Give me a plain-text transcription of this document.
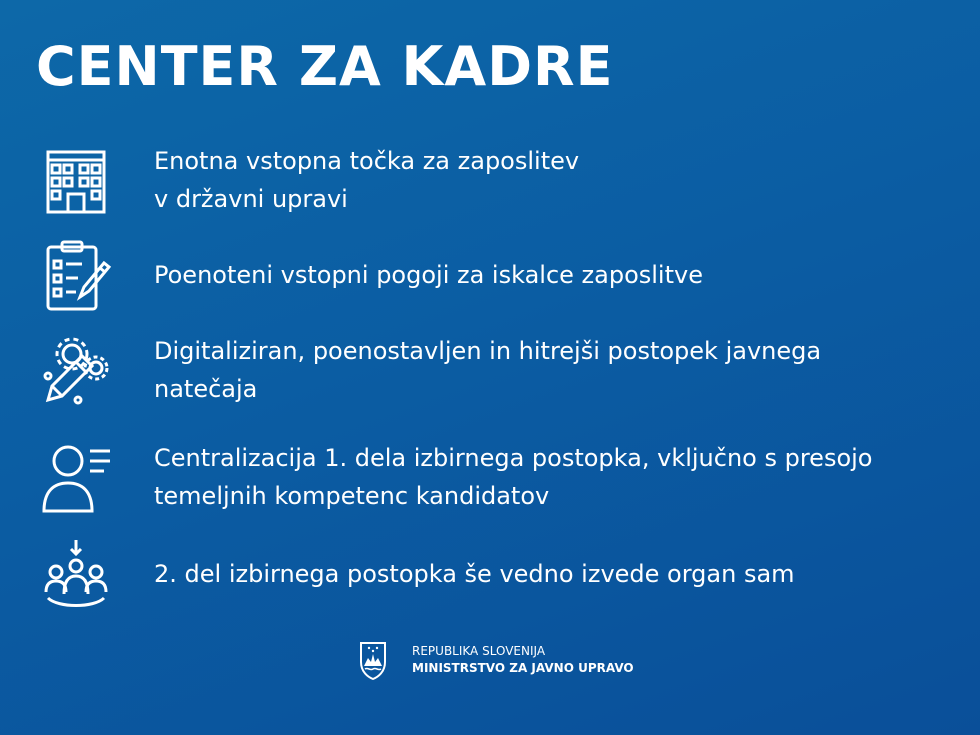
CENTER ZA KADRE
Enotna vstopna točka za zaposlitev
v državni upravi
Poenoteni vstopni pogoji za iskalce zaposlitve
Digitaliziran, poenostavljen in hitrejši postopek javnega
natečaja
Centralizacija 1. dela izbirnega postopka, vključno s presojo
temeljnih kompetenc kandidatov
2. del izbirnega postopka še vedno izvede organ sam
REPUBLIKA SLOVENIJA
MINISTRSTVO ZA JAVNO UPRAVO
